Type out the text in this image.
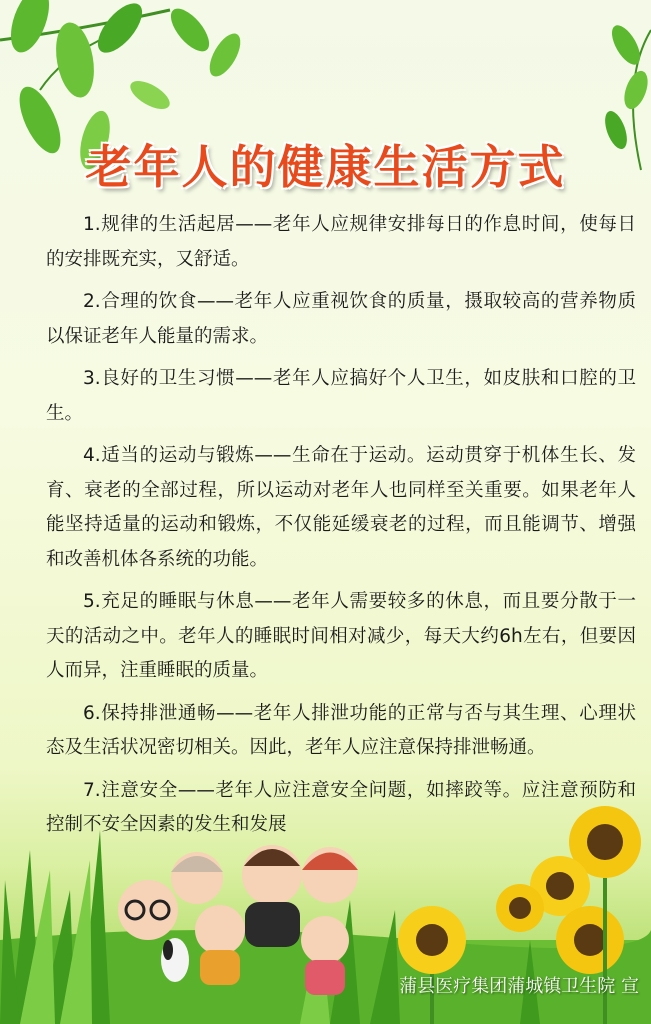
老年人的健康生活方式

1.规律的生活起居——老年人应规律安排每日的作息时间，使每日的安排既充实，又舒适。

2.合理的饮食——老年人应重视饮食的质量，摄取较高的营养物质以保证老年人能量的需求。

3.良好的卫生习惯——老年人应搞好个人卫生，如皮肤和口腔的卫生。

4.适当的运动与锻炼——生命在于运动。运动贯穿于机体生长、发育、衰老的全部过程，所以运动对老年人也同样至关重要。如果老年人能坚持适量的运动和锻炼，不仅能延缓衰老的过程，而且能调节、增强和改善机体各系统的功能。

5.充足的睡眠与休息——老年人需要较多的休息，而且要分散于一天的活动之中。老年人的睡眠时间相对减少，每天大约6h左右，但要因人而异，注重睡眠的质量。

6.保持排泄通畅——老年人排泄功能的正常与否与其生理、心理状态及生活状况密切相关。因此，老年人应注意保持排泄畅通。

7.注意安全——老年人应注意安全问题，如摔跤等。应注意预防和控制不安全因素的发生和发展

蒲县医疗集团蒲城镇卫生院 宣
